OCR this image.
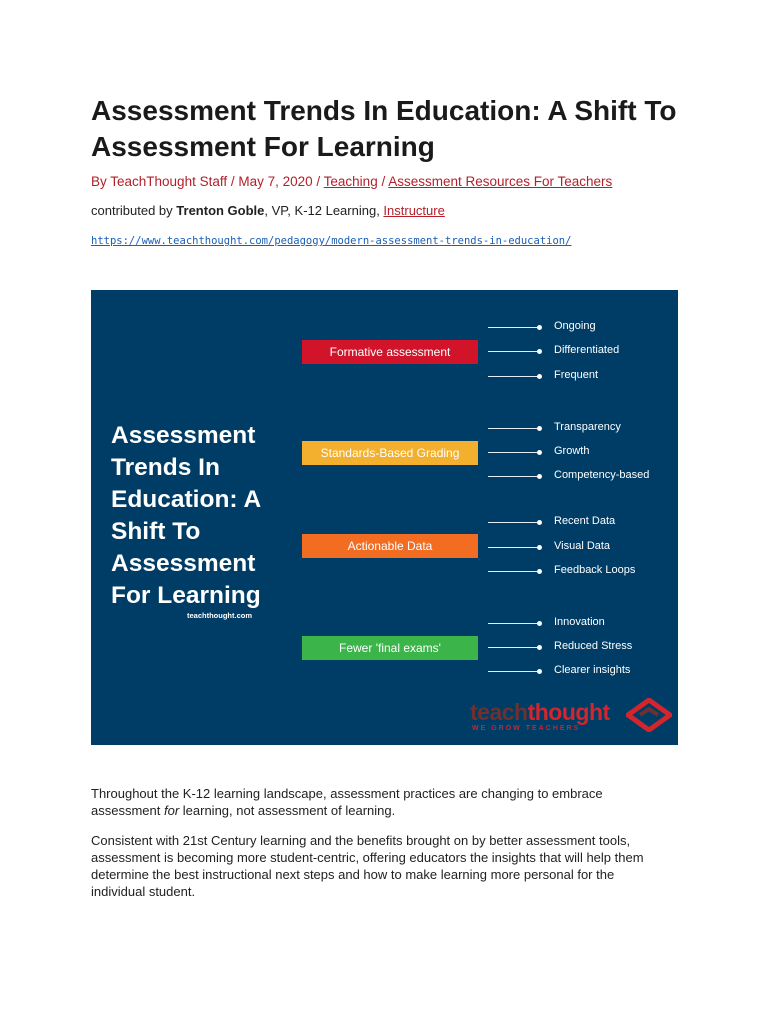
Assessment Trends In Education: A Shift To Assessment For Learning
By TeachThought Staff / May 7, 2020 / Teaching / Assessment Resources For Teachers
contributed by Trenton Goble, VP, K-12 Learning, Instructure
https://www.teachthought.com/pedagogy/modern-assessment-trends-in-education/
Assessment Trends In Education: A Shift To Assessment For Learning
teachthought.com
Formative assessment
Standards-Based Grading
Actionable Data
Fewer 'final exams'
Ongoing
Differentiated
Frequent
Transparency
Growth
Competency-based
Recent Data
Visual Data
Feedback Loops
Innovation
Reduced Stress
Clearer insights
teachthought
WE GROW TEACHERS

Throughout the K-12 learning landscape, assessment practices are changing to embrace assessment for learning, not assessment of learning.

Consistent with 21st Century learning and the benefits brought on by better assessment tools, assessment is becoming more student-centric, offering educators the insights that will help them determine the best instructional next steps and how to make learning more personal for the individual student.
